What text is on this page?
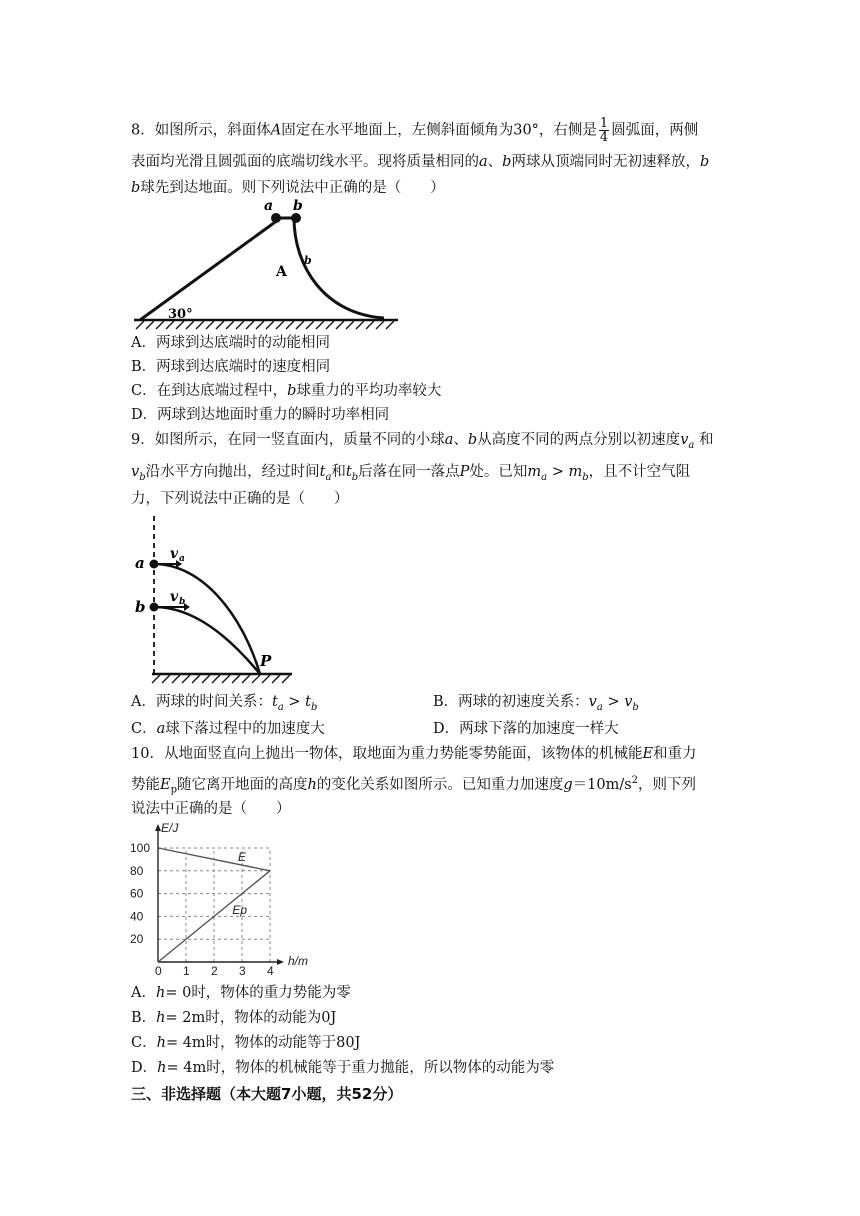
8．如图所示，斜面体A固定在水平地面上，左侧斜面倾角为30°，右侧是 $\frac{1}{4}$ 圆弧面，两侧
表面均光滑且圆弧面的底端切线水平。现将质量相同的a、b两球从顶端同时无初速释放，b
b球先到达地面。则下列说法中正确的是（　　）
a b
A
b
30°
A．两球到达底端时的动能相同
B．两球到达底端时的速度相同
C．在到达底端过程中，b球重力的平均功率较大
D．两球到达地面时重力的瞬时功率相同
9．如图所示，在同一竖直面内，质量不同的小球a、b从高度不同的两点分别以初速度$v_a$ 和
$v_b$沿水平方向抛出，经过时间$t_a$和$t_b$后落在同一落点P处。已知$m_a > m_b$，且不计空气阻
力，下列说法中正确的是（　　）
a
b
v a
v b
P
A．两球的时间关系：$t_a > t_b$	B．两球的初速度关系：$v_a > v_b$
C．a球下落过程中的加速度大	D．两球下落的加速度一样大
10．从地面竖直向上抛出一物体，取地面为重力势能零势能面，该物体的机械能E和重力
势能$E_p$随它离开地面的高度h的变化关系如图所示。已知重力加速度$g=10m/s^2$，则下列
说法中正确的是（　　）
0 1 2 3 4
20
40
60
80
100
E/J
h/m
E
Ep
A．h= 0时，物体的重力势能为零
B．h= 2m时，物体的动能为0J
C．h= 4m时，物体的动能等于80J
D．h= 4m时，物体的机械能等于重力拋能，所以物体的动能为零
三、非选择题（本大题7小题，共52分）
